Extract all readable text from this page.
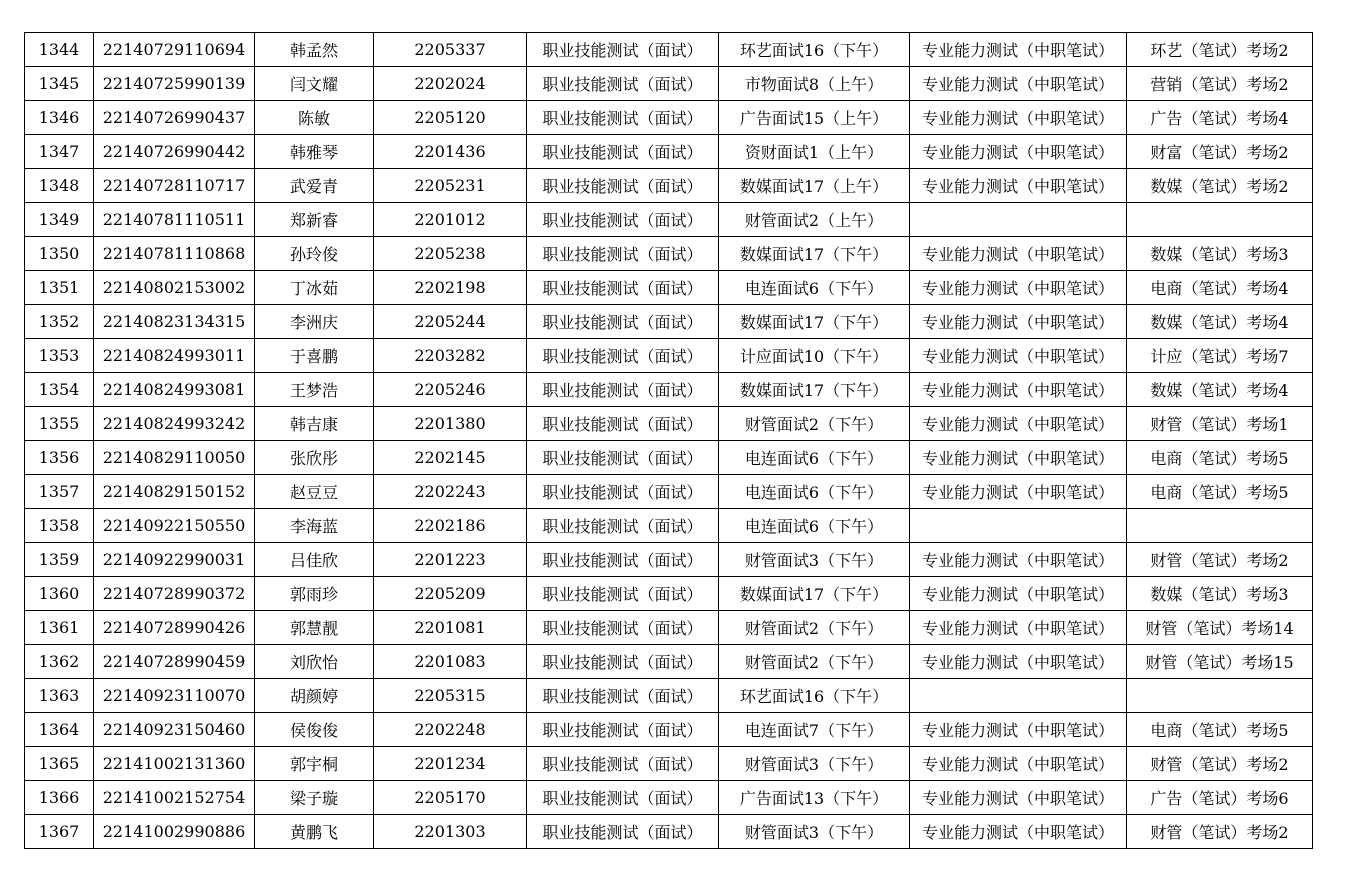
1344	22140729110694	韩孟然	2205337	职业技能测试（面试）	环艺面试16（下午）	专业能力测试（中职笔试）	环艺（笔试）考场2
1345	22140725990139	闫文耀	2202024	职业技能测试（面试）	市物面试8（上午）	专业能力测试（中职笔试）	营销（笔试）考场2
1346	22140726990437	陈敏	2205120	职业技能测试（面试）	广告面试15（上午）	专业能力测试（中职笔试）	广告（笔试）考场4
1347	22140726990442	韩雅琴	2201436	职业技能测试（面试）	资财面试1（上午）	专业能力测试（中职笔试）	财富（笔试）考场2
1348	22140728110717	武爱青	2205231	职业技能测试（面试）	数媒面试17（上午）	专业能力测试（中职笔试）	数媒（笔试）考场2
1349	22140781110511	郑新睿	2201012	职业技能测试（面试）	财管面试2（上午）		
1350	22140781110868	孙玲俊	2205238	职业技能测试（面试）	数媒面试17（下午）	专业能力测试（中职笔试）	数媒（笔试）考场3
1351	22140802153002	丁冰茹	2202198	职业技能测试（面试）	电连面试6（下午）	专业能力测试（中职笔试）	电商（笔试）考场4
1352	22140823134315	李洲庆	2205244	职业技能测试（面试）	数媒面试17（下午）	专业能力测试（中职笔试）	数媒（笔试）考场4
1353	22140824993011	于喜鹏	2203282	职业技能测试（面试）	计应面试10（下午）	专业能力测试（中职笔试）	计应（笔试）考场7
1354	22140824993081	王梦浩	2205246	职业技能测试（面试）	数媒面试17（下午）	专业能力测试（中职笔试）	数媒（笔试）考场4
1355	22140824993242	韩吉康	2201380	职业技能测试（面试）	财管面试2（下午）	专业能力测试（中职笔试）	财管（笔试）考场1
1356	22140829110050	张欣彤	2202145	职业技能测试（面试）	电连面试6（下午）	专业能力测试（中职笔试）	电商（笔试）考场5
1357	22140829150152	赵豆豆	2202243	职业技能测试（面试）	电连面试6（下午）	专业能力测试（中职笔试）	电商（笔试）考场5
1358	22140922150550	李海蓝	2202186	职业技能测试（面试）	电连面试6（下午）		
1359	22140922990031	吕佳欣	2201223	职业技能测试（面试）	财管面试3（下午）	专业能力测试（中职笔试）	财管（笔试）考场2
1360	22140728990372	郭雨珍	2205209	职业技能测试（面试）	数媒面试17（下午）	专业能力测试（中职笔试）	数媒（笔试）考场3
1361	22140728990426	郭慧靓	2201081	职业技能测试（面试）	财管面试2（下午）	专业能力测试（中职笔试）	财管（笔试）考场14
1362	22140728990459	刘欣怡	2201083	职业技能测试（面试）	财管面试2（下午）	专业能力测试（中职笔试）	财管（笔试）考场15
1363	22140923110070	胡颜婷	2205315	职业技能测试（面试）	环艺面试16（下午）		
1364	22140923150460	侯俊俊	2202248	职业技能测试（面试）	电连面试7（下午）	专业能力测试（中职笔试）	电商（笔试）考场5
1365	22141002131360	郭宇桐	2201234	职业技能测试（面试）	财管面试3（下午）	专业能力测试（中职笔试）	财管（笔试）考场2
1366	22141002152754	梁子璇	2205170	职业技能测试（面试）	广告面试13（下午）	专业能力测试（中职笔试）	广告（笔试）考场6
1367	22141002990886	黄鹏飞	2201303	职业技能测试（面试）	财管面试3（下午）	专业能力测试（中职笔试）	财管（笔试）考场2
